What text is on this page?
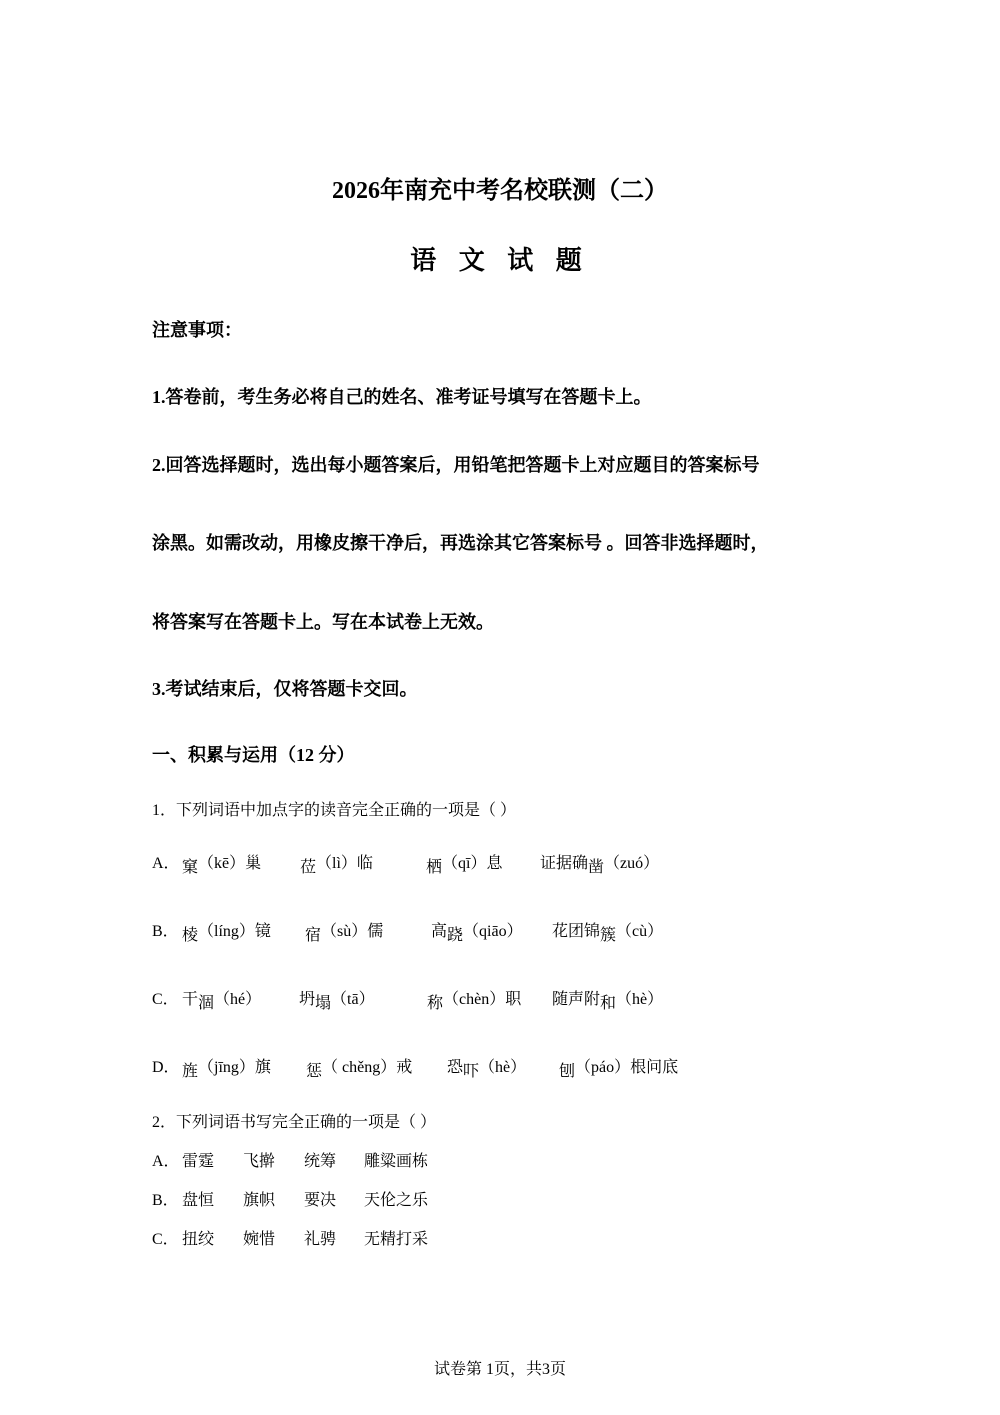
2026年南充中考名校联测（二）
语 文 试 题
注意事项：
1.答卷前，考生务必将自己的姓名、准考证号填写在答题卡上。
2.回答选择题时，选出每小题答案后，用铅笔把答题卡上对应题目的答案标号
涂黑。如需改动，用橡皮擦干净后，再选涂其它答案标号 。回答非选择题时，
将答案写在答题卡上。写在本试卷上无效。
3.考试结束后，仅将答题卡交回。
一、积累与运用（12 分）
1．下列词语中加点字的读音完全正确的一项是（ ）
A． 窠（kē）巢 莅（lì）临	栖（qī）息 证据确凿（zuó）
B． 棱（líng）镜 宿（sù）儒	高跷（qiāo） 花团锦簇（cù）
C． 干涸（hé） 坍塌（tā）	称（chèn）职 随声附和（hè）
D． 旌（jīng）旗 惩（ chěng）戒 恐吓（hè） 刨（páo）根问底
2．下列词语书写完全正确的一项是（ ）
A． 雷霆 飞擀 统筹 雕粱画栋
B． 盘恒 旗帜 要决 天伦之乐
C． 扭绞 婉惜 礼骋 无精打采
试卷第 1页，共3页
